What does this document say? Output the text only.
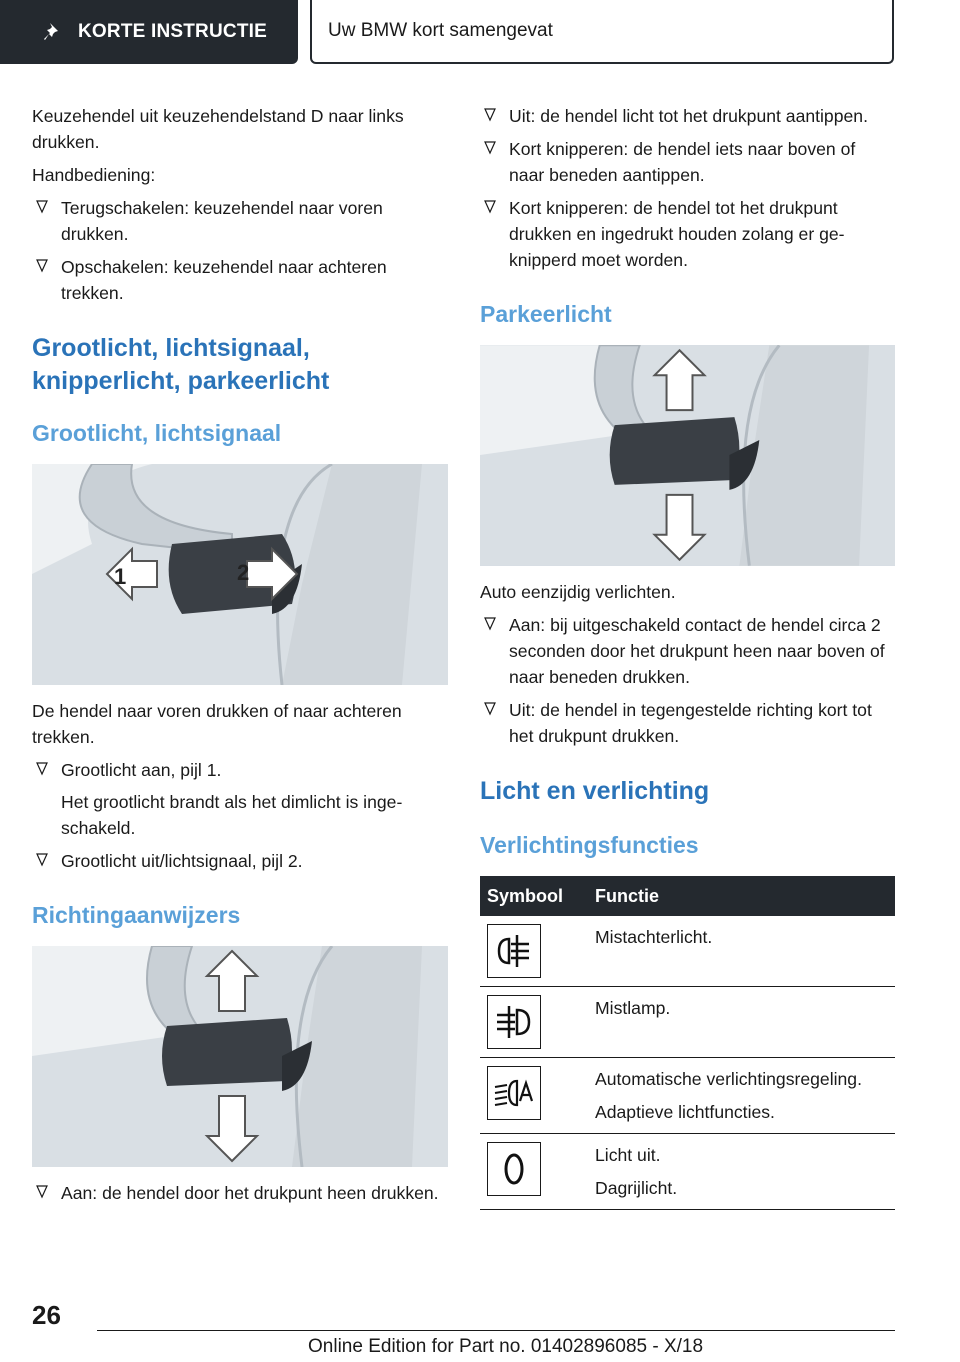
KORTE INSTRUCTIE	Uw BMW kort samengevat

Keuzehendel uit keuzehendelstand D naar links drukken.

Handbediening:

Terugschakelen: keuzehendel naar voren drukken.
Opschakelen: keuzehendel naar achteren trekken.
Grootlicht, lichtsignaal, knipperlicht, parkeerlicht
Grootlicht, lichtsignaal
1	2

De hendel naar voren drukken of naar achteren trekken.

Grootlicht aan, pijl 1.
Het grootlicht brandt als het dimlicht is ingeschakeld.
Grootlicht uit/lichtsignaal, pijl 2.
Richtingaanwijzers
Aan: de hendel door het drukpunt heen drukken.
Uit: de hendel licht tot het drukpunt aantippen.
Kort knipperen: de hendel iets naar boven of naar beneden aantippen.
Kort knipperen: de hendel tot het drukpunt drukken en ingedrukt houden zolang er geknipperd moet worden.
Parkeerlicht

Auto eenzijdig verlichten.

Aan: bij uitgeschakeld contact de hendel circa 2 seconden door het drukpunt heen naar boven of naar beneden drukken.
Uit: de hendel in tegengestelde richting kort tot het drukpunt drukken.
Licht en verlichting
Verlichtingsfuncties
Symbool	Functie

	Mistachterlicht.

	Mistlamp.

	Automatische verlichtingsregeling.
Adaptieve lichtfuncties.

	Licht uit.
Dagrijlicht.
26
Online Edition for Part no. 01402896085 - X/18
